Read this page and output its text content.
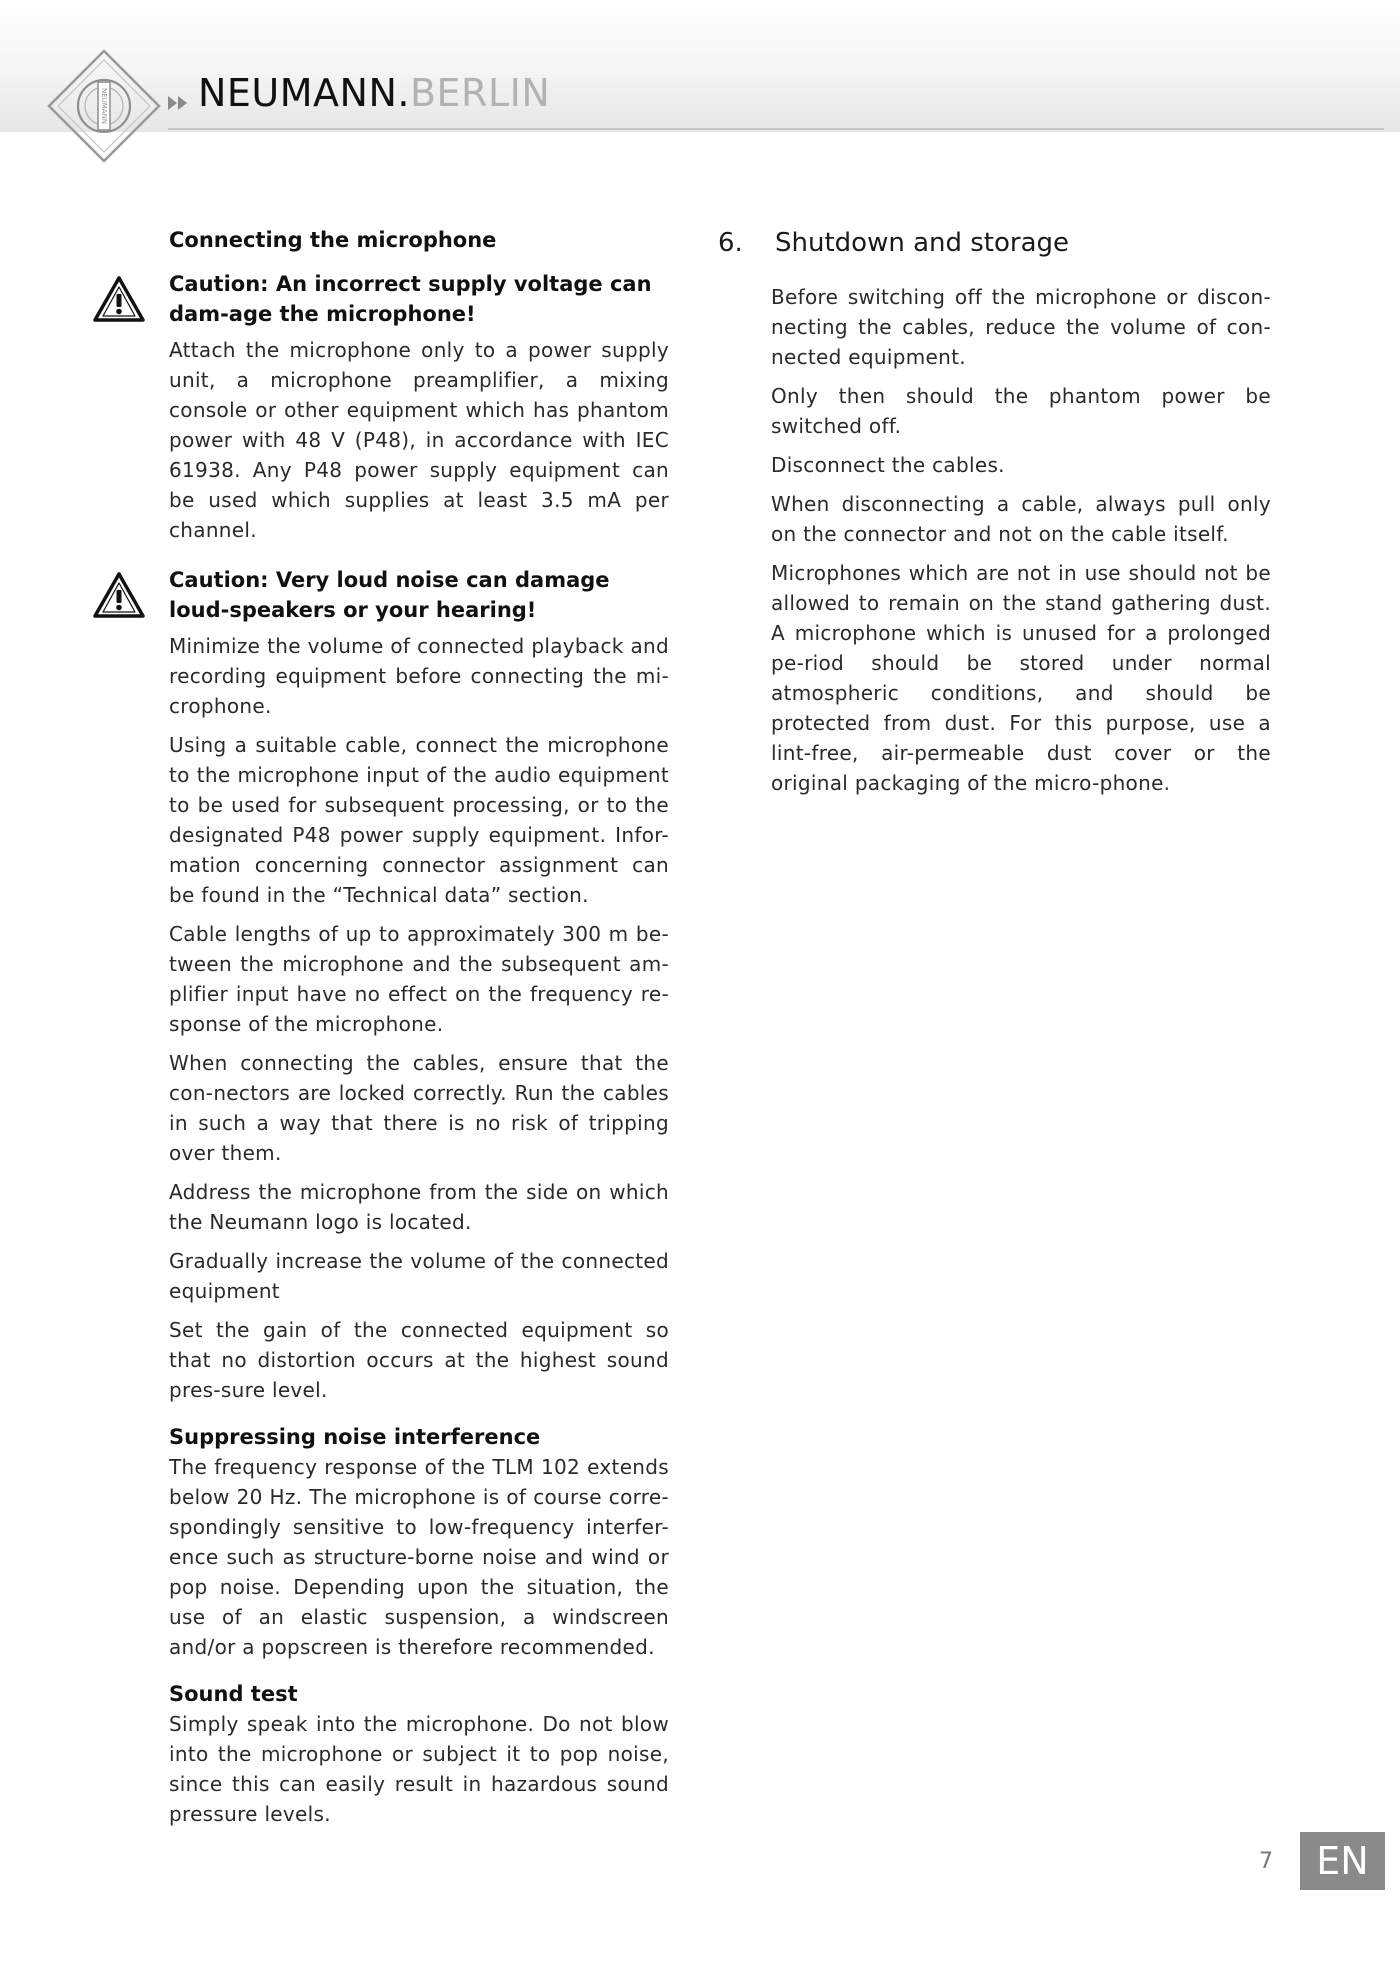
NEUMANN NEUMANN.BERLIN
Connecting the microphone
Caution: An incorrect supply voltage can dam-age the microphone!

Attach the microphone only to a power supply unit, a microphone preamplifier, a mixing console or other equipment which has phantom power with 48 V (P48), in accordance with IEC 61938. Any P48 power supply equipment can be used which supplies at least 3.5 mA per channel.

Caution: Very loud noise can damage loud-speakers or your hearing!

Minimize the volume of connected playback and recording equipment before connecting the mi-crophone.

Using a suitable cable, connect the microphone to the microphone input of the audio equipment to be used for subsequent processing, or to the designated P48 power supply equipment. Infor-mation concerning connector assignment can be found in the “Technical data” section.

Cable lengths of up to approximately 300 m be-tween the microphone and the subsequent am-plifier input have no effect on the frequency re-sponse of the microphone.

When connecting the cables, ensure that the con-nectors are locked correctly. Run the cables in such a way that there is no risk of tripping over them.

Address the microphone from the side on which the Neumann logo is located.

Gradually increase the volume of the connected equipment

Set the gain of the connected equipment so that no distortion occurs at the highest sound pres-sure level.

Suppressing noise interference

The frequency response of the TLM 102 extends below 20 Hz. The microphone is of course corre-spondingly sensitive to low-frequency interfer-ence such as structure-borne noise and wind or pop noise. Depending upon the situation, the use of an elastic suspension, a windscreen and/or a popscreen is therefore recommended.

Sound test

Simply speak into the microphone. Do not blow into the microphone or subject it to pop noise, since this can easily result in hazardous sound pressure levels.

6. Shutdown and storage

Before switching off the microphone or discon-necting the cables, reduce the volume of con-nected equipment.

Only then should the phantom power be switched off.

Disconnect the cables.

When disconnecting a cable, always pull only on the connector and not on the cable itself.

Microphones which are not in use should not be allowed to remain on the stand gathering dust. A microphone which is unused for a prolonged pe-riod should be stored under normal atmospheric conditions, and should be protected from dust. For this purpose, use a lint-free, air-permeable dust cover or the original packaging of the micro-phone.

7	EN
